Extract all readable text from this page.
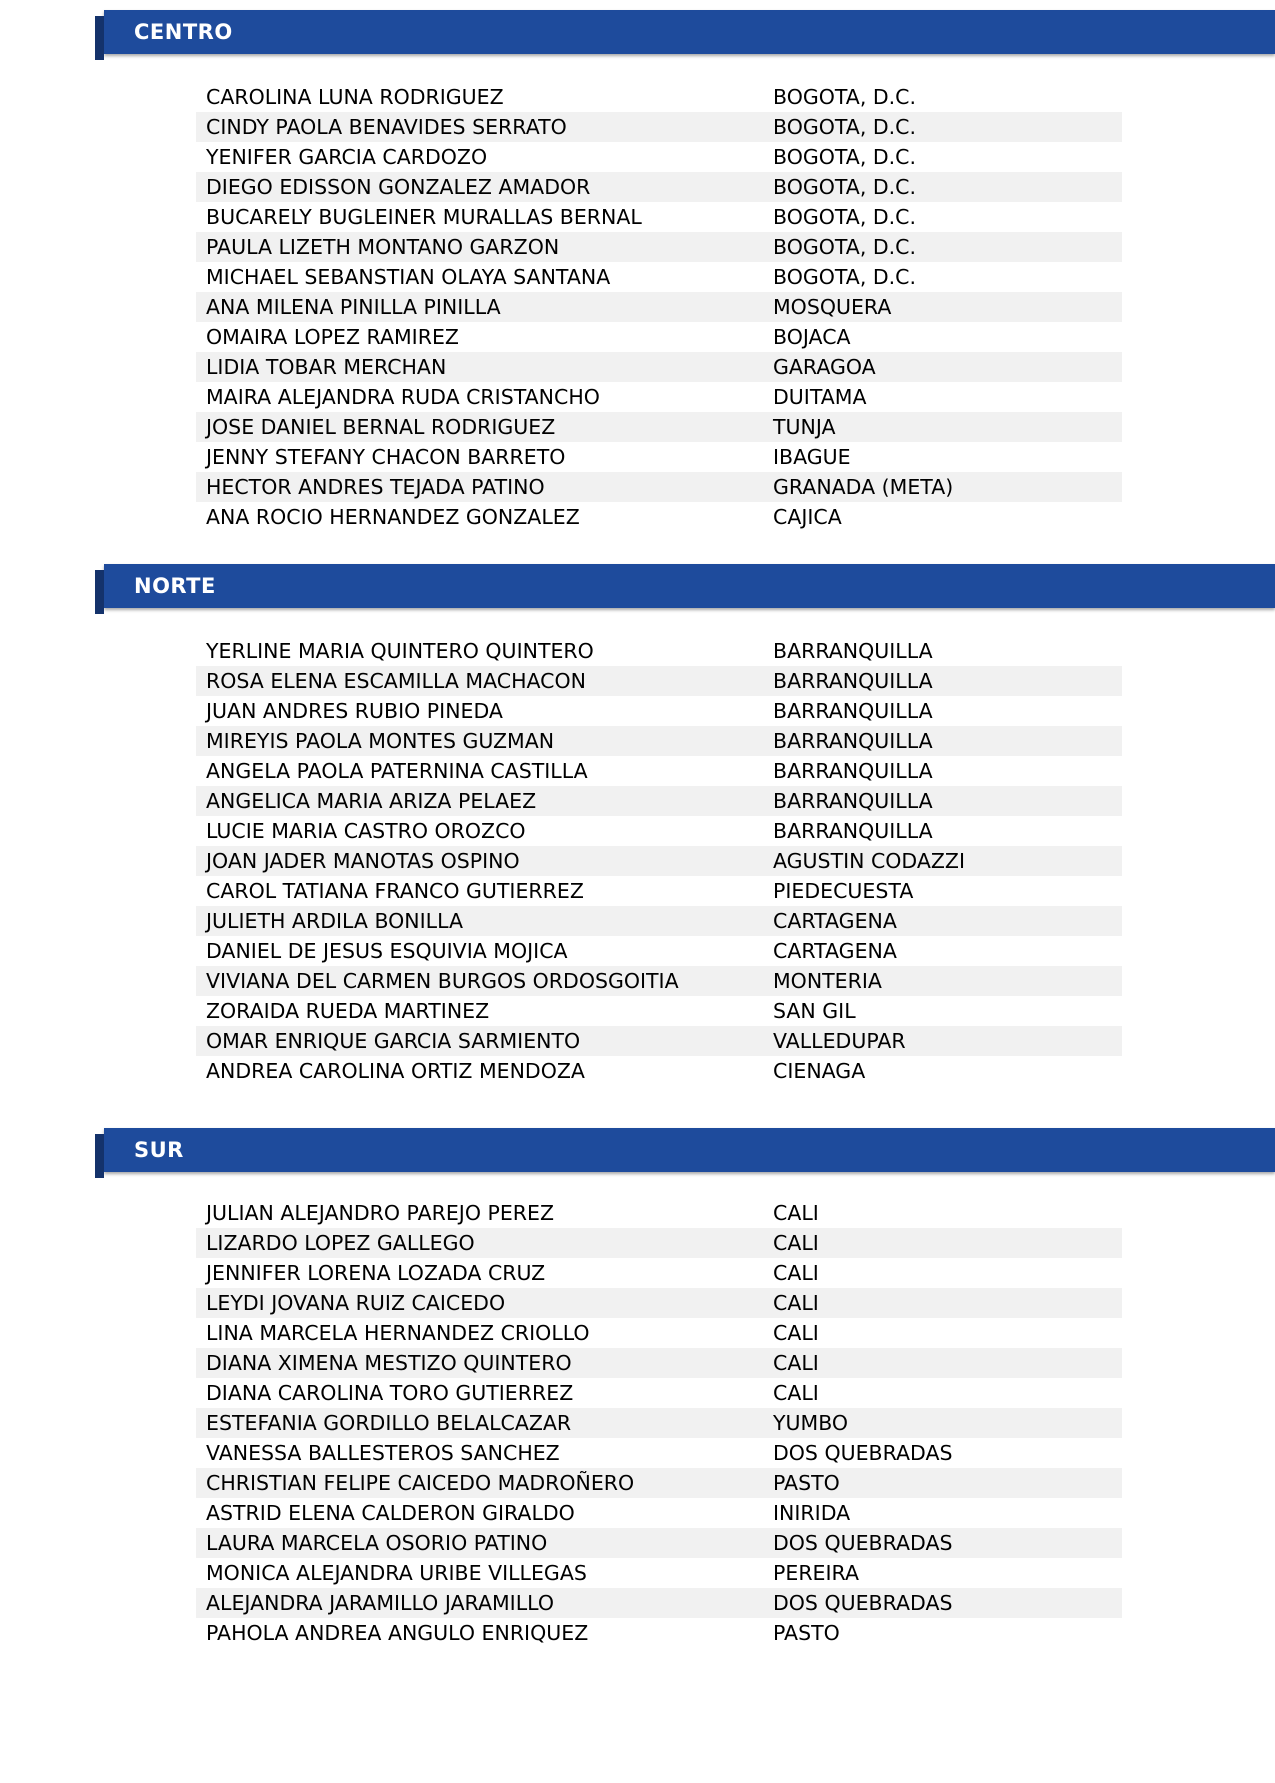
CENTRO
CAROLINA LUNA RODRIGUEZ	BOGOTA, D.C.
CINDY PAOLA BENAVIDES SERRATO	BOGOTA, D.C.
YENIFER GARCIA CARDOZO	BOGOTA, D.C.
DIEGO EDISSON GONZALEZ AMADOR	BOGOTA, D.C.
BUCARELY BUGLEINER MURALLAS BERNAL	BOGOTA, D.C.
PAULA LIZETH MONTANO GARZON	BOGOTA, D.C.
MICHAEL SEBANSTIAN OLAYA SANTANA	BOGOTA, D.C.
ANA MILENA PINILLA PINILLA	MOSQUERA
OMAIRA LOPEZ RAMIREZ	BOJACA
LIDIA TOBAR MERCHAN	GARAGOA
MAIRA ALEJANDRA RUDA CRISTANCHO	DUITAMA
JOSE DANIEL BERNAL RODRIGUEZ	TUNJA
JENNY STEFANY CHACON BARRETO	IBAGUE
HECTOR ANDRES TEJADA PATINO	GRANADA (META)
ANA ROCIO HERNANDEZ GONZALEZ	CAJICA
NORTE
YERLINE MARIA QUINTERO QUINTERO	BARRANQUILLA
ROSA ELENA ESCAMILLA MACHACON	BARRANQUILLA
JUAN ANDRES RUBIO PINEDA	BARRANQUILLA
MIREYIS PAOLA MONTES GUZMAN	BARRANQUILLA
ANGELA PAOLA PATERNINA CASTILLA	BARRANQUILLA
ANGELICA MARIA ARIZA PELAEZ	BARRANQUILLA
LUCIE MARIA CASTRO OROZCO	BARRANQUILLA
JOAN JADER MANOTAS OSPINO	AGUSTIN CODAZZI
CAROL TATIANA FRANCO GUTIERREZ	PIEDECUESTA
JULIETH ARDILA BONILLA	CARTAGENA
DANIEL DE JESUS ESQUIVIA MOJICA	CARTAGENA
VIVIANA DEL CARMEN BURGOS ORDOSGOITIA	MONTERIA
ZORAIDA RUEDA MARTINEZ	SAN GIL
OMAR ENRIQUE GARCIA SARMIENTO	VALLEDUPAR
ANDREA CAROLINA ORTIZ MENDOZA	CIENAGA
SUR
JULIAN ALEJANDRO PAREJO PEREZ	CALI
LIZARDO LOPEZ GALLEGO	CALI
JENNIFER LORENA LOZADA CRUZ	CALI
LEYDI JOVANA RUIZ CAICEDO	CALI
LINA MARCELA HERNANDEZ CRIOLLO	CALI
DIANA XIMENA MESTIZO QUINTERO	CALI
DIANA CAROLINA TORO GUTIERREZ	CALI
ESTEFANIA GORDILLO BELALCAZAR	YUMBO
VANESSA BALLESTEROS SANCHEZ	DOS QUEBRADAS
CHRISTIAN FELIPE CAICEDO MADROÑERO	PASTO
ASTRID ELENA CALDERON GIRALDO	INIRIDA
LAURA MARCELA OSORIO PATINO	DOS QUEBRADAS
MONICA ALEJANDRA URIBE VILLEGAS	PEREIRA
ALEJANDRA JARAMILLO JARAMILLO	DOS QUEBRADAS
PAHOLA ANDREA ANGULO ENRIQUEZ	PASTO
